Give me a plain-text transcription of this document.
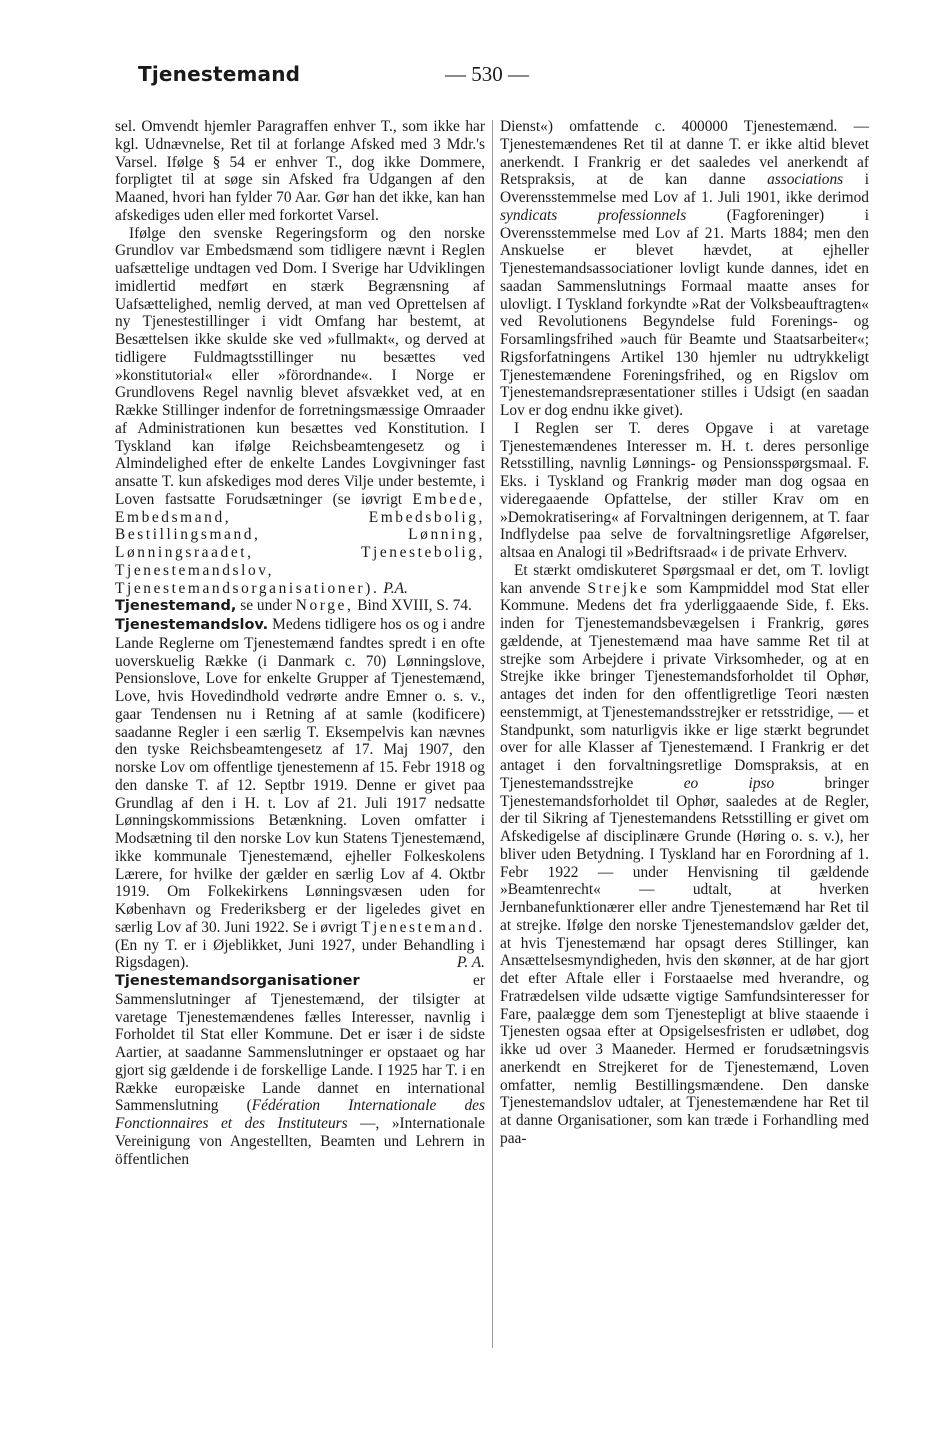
Tjenestemand	— 530 —

sel. Omvendt hjemler Paragraffen enhver T., som ikke har kgl. Udnævnelse, Ret til at forlange Afsked med 3 Mdr.'s Varsel. Ifølge § 54 er enhver T., dog ikke Dommere, forpligtet til at søge sin Afsked fra Udgangen af den Maaned, hvori han fylder 70 Aar. Gør han det ikke, kan han afskediges uden eller med forkortet Varsel.

Ifølge den svenske Regeringsform og den norske Grundlov var Embedsmænd som tidligere nævnt i Reglen uafsættelige undtagen ved Dom. I Sverige har Udviklingen imidlertid medført en stærk Begrænsning af Uafsættelighed, nemlig derved, at man ved Oprettelsen af ny Tjenestestillinger i vidt Omfang har bestemt, at Besættelsen ikke skulde ske ved »fullmakt«, og derved at tidligere Fuldmagtsstillinger nu besættes ved »konstitutorial« eller »förordnande«. I Norge er Grundlovens Regel navnlig blevet afsvækket ved, at en Række Stillinger indenfor de forretningsmæssige Omraader af Administrationen kun besættes ved Konstitution. I Tyskland kan ifølge Reichsbeamtengesetz og i Almindelighed efter de enkelte Landes Lovgivninger fast ansatte T. kun afskediges mod deres Vilje under bestemte, i Loven fastsatte Forudsætninger (se iøvrigt Embede, Embedsmand, Embedsbolig, Bestillingsmand, Lønning, Lønningsraadet, Tjenestebolig, Tjenestemandslov, Tjenestemandsorganisationer). P.A.

Tjenestemand, se under Norge, Bind XVIII, S. 74.

Tjenestemandslov. Medens tidligere hos os og i andre Lande Reglerne om Tjenestemænd fandtes spredt i en ofte uoverskuelig Række (i Danmark c. 70) Lønningslove, Pensionslove, Love for enkelte Grupper af Tjenestemænd, Love, hvis Hovedindhold vedrørte andre Emner o. s. v., gaar Tendensen nu i Retning af at samle (kodificere) saadanne Regler i een særlig T. Eksempelvis kan nævnes den tyske Reichsbeamtengesetz af 17. Maj 1907, den norske Lov om offentlige tjenestemenn af 15. Febr 1918 og den danske T. af 12. Septbr 1919. Denne er givet paa Grundlag af den i H. t. Lov af 21. Juli 1917 nedsatte Lønningskommissions Betænkning. Loven omfatter i Modsætning til den norske Lov kun Statens Tjenestemænd, ikke kommunale Tjenestemænd, ejheller Folkeskolens Lærere, for hvilke der gælder en særlig Lov af 4. Oktbr 1919. Om Folkekirkens Lønningsvæsen uden for København og Frederiksberg er der ligeledes givet en særlig Lov af 30. Juni 1922. Se i øvrigt Tjenestemand. (En ny T. er i Øjeblikket, Juni 1927, under Behandling i Rigsdagen).	P. A.

Tjenestemandsorganisationer	er Sammenslutninger af Tjenestemænd, der tilsigter at varetage Tjenestemændenes fælles Interesser, navnlig i Forholdet til Stat eller Kommune. Det er især i de sidste Aartier, at saadanne Sammenslutninger er opstaaet og har gjort sig gældende i de forskellige Lande. I 1925 har T. i en Række europæiske Lande dannet en international Sammenslutning (Fédération Internationale des Fonctionnaires et des Instituteurs —, »Internationale Vereinigung von Angestellten, Beamten und Lehrern in öffentlichen

Dienst«) omfattende c. 400000 Tjenestemænd. — Tjenestemændenes Ret til at danne T. er ikke altid blevet anerkendt. I Frankrig er det saaledes vel anerkendt af Retspraksis, at de kan danne associations i Overensstemmelse med Lov af 1. Juli 1901, ikke derimod syndicats professionnels	(Fagforeninger) i Overensstemmelse med Lov af 21. Marts 1884; men den Anskuelse er blevet hævdet, at ejheller Tjenestemandsassociationer lovligt kunde dannes, idet en saadan Sammenslutnings Formaal maatte anses for ulovligt. I Tyskland forkyndte »Rat der Volksbeauftragten« ved Revolutionens Begyndelse fuld Forenings- og Forsamlingsfrihed »auch für Beamte und Staatsarbeiter«; Rigsforfatningens Artikel 130 hjemler nu udtrykkeligt Tjenestemændene Foreningsfrihed, og en Rigslov om Tjenestemandsrepræsentationer stilles i Udsigt (en saadan Lov er dog endnu ikke givet).

I Reglen ser T. deres Opgave i at varetage Tjenestemændenes Interesser m. H. t. deres personlige Retsstilling, navnlig Lønnings- og Pensionsspørgsmaal. F. Eks. i Tyskland og Frankrig møder man dog ogsaa en videregaaende Opfattelse, der stiller Krav om en »Demokratisering« af Forvaltningen derigennem, at T. faar Indflydelse paa selve de forvaltningsretlige Afgørelser, altsaa en Analogi til »Bedriftsraad« i de private Erhverv.

Et stærkt omdiskuteret Spørgsmaal er det, om T. lovligt kan anvende Strejke som Kampmiddel mod Stat eller Kommune. Medens det fra yderliggaaende Side, f. Eks. inden for Tjenestemandsbevægelsen i Frankrig, gøres gældende, at Tjenestemænd maa have samme Ret til at strejke som Arbejdere i private Virksomheder, og at en Strejke ikke bringer Tjenestemandsforholdet til Ophør, antages det inden for den offentligretlige Teori næsten eenstemmigt, at Tjenestemandsstrejker er retsstridige, — et Standpunkt, som naturligvis ikke er lige stærkt begrundet over for alle Klasser af Tjenestemænd. I Frankrig er det antaget i den forvaltningsretlige Domspraksis, at en Tjenestemandsstrejke	eo ipso	bringer Tjenestemandsforholdet til Ophør, saaledes at de Regler, der til Sikring af Tjenestemandens Retsstilling er givet om Afskedigelse af disciplinære Grunde (Høring o. s. v.), her bliver uden Betydning. I Tyskland har en Forordning af 1. Febr 1922 — under Henvisning til gældende »Beamtenrecht« — udtalt, at hverken Jernbanefunktionærer eller andre Tjenestemænd har Ret til at strejke. Ifølge den norske Tjenestemandslov gælder det, at hvis Tjenestemænd har opsagt deres Stillinger, kan Ansættelsesmyndigheden, hvis den skønner, at de har gjort det efter Aftale eller i Forstaaelse med hverandre, og Fratrædelsen vilde udsætte vigtige Samfundsinteresser for Fare, paalægge dem som Tjenestepligt at blive staaende i Tjenesten ogsaa efter at Opsigelsesfristen er udløbet, dog ikke ud over 3 Maaneder. Hermed er forudsætningsvis anerkendt en Strejkeret for de Tjenestemænd, Loven omfatter, nemlig Bestillingsmændene. Den danske Tjenestemandslov udtaler, at Tjenestemændene har Ret til at danne Organisationer, som kan træde i Forhandling med paa-
